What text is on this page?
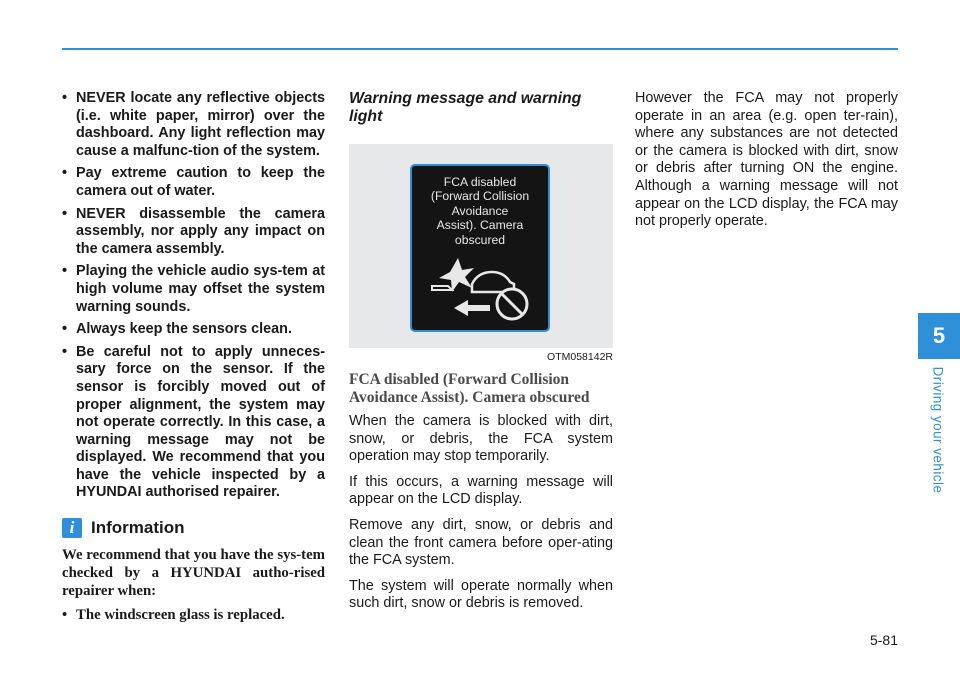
• NEVER locate any reflective objects (i.e. white paper, mirror) over the dashboard. Any light reflection may cause a malfunc-tion of the system.
• Pay extreme caution to keep the camera out of water.
• NEVER disassemble the camera assembly, nor apply any impact on the camera assembly.
• Playing the vehicle audio sys-tem at high volume may offset the system warning sounds.
• Always keep the sensors clean.
• Be careful not to apply unneces-sary force on the sensor. If the sensor is forcibly moved out of proper alignment, the system may not operate correctly. In this case, a warning message may not be displayed. We recommend that you have the vehicle inspected by a HYUNDAI authorised repairer.
i Information
We recommend that you have the sys-tem checked by a HYUNDAI autho-rised repairer when:
• The windscreen glass is replaced.
Warning message and warning light
FCA disabled
(Forward Collision
Avoidance
Assist). Camera
obscured
OTM058142R
FCA disabled (Forward Collision Avoidance Assist). Camera obscured

When the camera is blocked with dirt, snow, or debris, the FCA system operation may stop temporarily.

If this occurs, a warning message will appear on the LCD display.

Remove any dirt, snow, or debris and clean the front camera before oper-ating the FCA system.

The system will operate normally when such dirt, snow or debris is removed.

However the FCA may not properly operate in an area (e.g. open ter-rain), where any substances are not detected or the camera is blocked with dirt, snow or debris after turning ON the engine. Although a warning message will not appear on the LCD display, the FCA may not properly operate.

5
Driving your vehicle
5-81
